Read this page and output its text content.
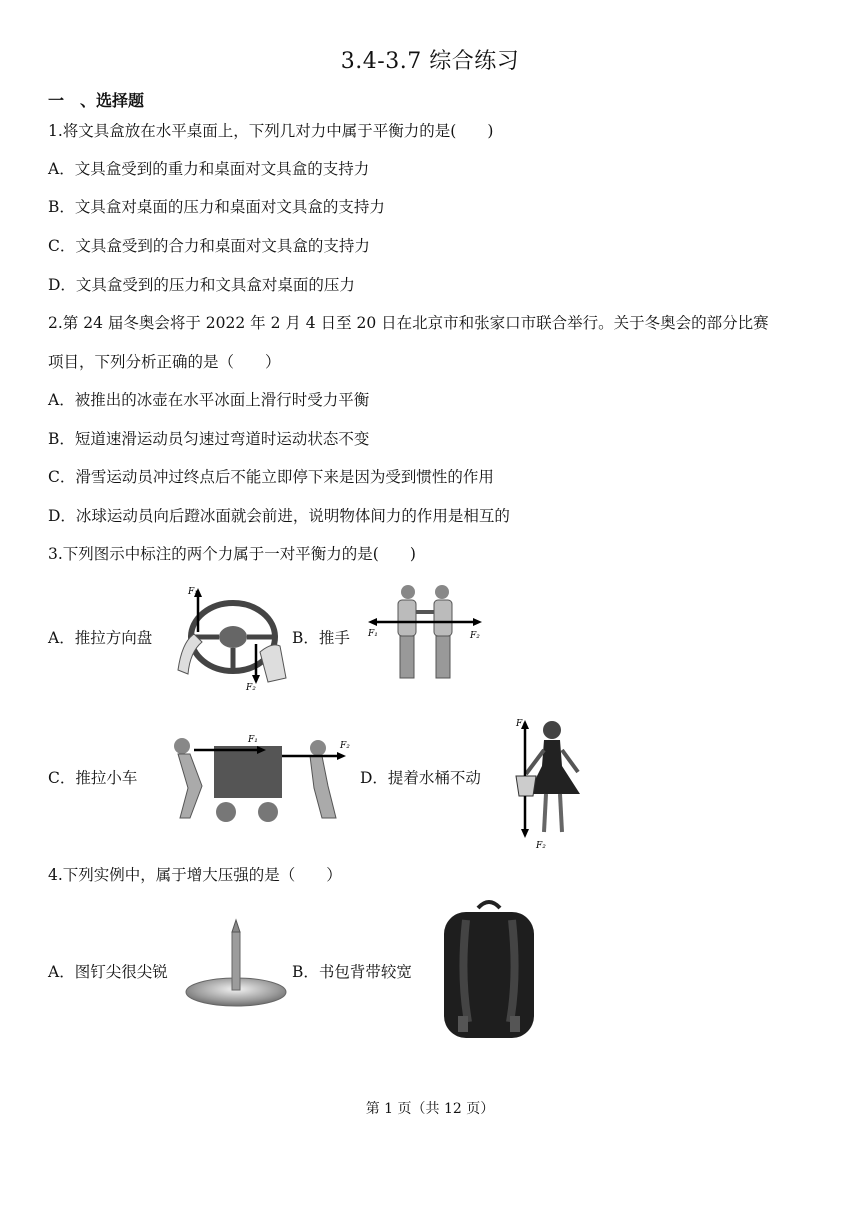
3.4-3.7 综合练习
一　、选择题
1.将文具盒放在水平桌面上，下列几对力中属于平衡力的是(　　)
A．文具盒受到的重力和桌面对文具盒的支持力
B．文具盒对桌面的压力和桌面对文具盒的支持力
C．文具盒受到的合力和桌面对文具盒的支持力
D．文具盒受到的压力和文具盒对桌面的压力
2.第 24 届冬奥会将于 2022 年 2 月 4 日至 20 日在北京市和张家口市联合举行。关于冬奥会的部分比赛
项目，下列分析正确的是（　　）
A．被推出的冰壶在水平冰面上滑行时受力平衡
B．短道速滑运动员匀速过弯道时运动状态不变
C．滑雪运动员冲过终点后不能立即停下来是因为受到惯性的作用
D．冰球运动员向后蹬冰面就会前进，说明物体间力的作用是相互的
3.下列图示中标注的两个力属于一对平衡力的是(　　)
A．推拉方向盘
F₁
F₂
B．推手 F₁	F₂
C．推拉小车
F₁
F₂
D．提着水桶不动
F₁
F₂
4.下列实例中，属于增大压强的是（　　）
A．图钉尖很尖锐	B．书包背带较宽
第 1 页（共 12 页）
